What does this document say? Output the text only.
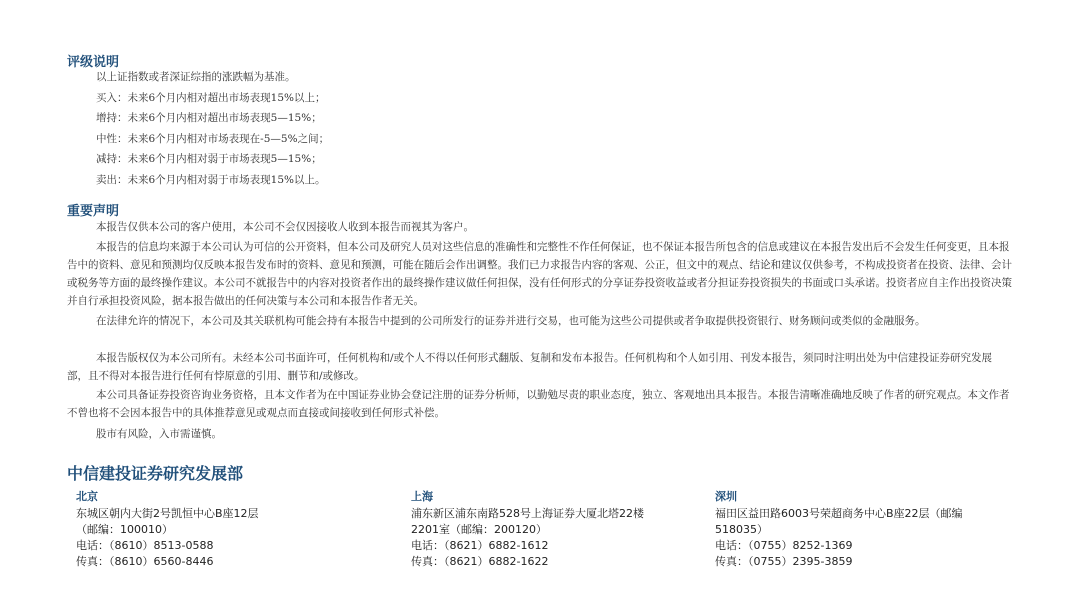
评级说明
以上证指数或者深证综指的涨跌幅为基准。
买入：未来6个月内相对超出市场表现15%以上；
增持：未来6个月内相对超出市场表现5—15%；
中性：未来6个月内相对市场表现在-5—5%之间；
减持：未来6个月内相对弱于市场表现5—15%；
卖出：未来6个月内相对弱于市场表现15%以上。
重要声明
本报告仅供本公司的客户使用，本公司不会仅因接收人收到本报告而视其为客户。
本报告的信息均来源于本公司认为可信的公开资料，但本公司及研究人员对这些信息的准确性和完整性不作任何保证，也不保证本报告所包含的信息或建议在本报告发出后不会发生任何变更，且本报告中的资料、意见和预测均仅反映本报告发布时的资料、意见和预测，可能在随后会作出调整。我们已力求报告内容的客观、公正，但文中的观点、结论和建议仅供参考，不构成投资者在投资、法律、会计或税务等方面的最终操作建议。本公司不就报告中的内容对投资者作出的最终操作建议做任何担保，没有任何形式的分享证券投资收益或者分担证券投资损失的书面或口头承诺。投资者应自主作出投资决策并自行承担投资风险，据本报告做出的任何决策与本公司和本报告作者无关。
在法律允许的情况下，本公司及其关联机构可能会持有本报告中提到的公司所发行的证券并进行交易，也可能为这些公司提供或者争取提供投资银行、财务顾问或类似的金融服务。
本报告版权仅为本公司所有。未经本公司书面许可，任何机构和/或个人不得以任何形式翻版、复制和发布本报告。任何机构和个人如引用、刊发本报告，须同时注明出处为中信建投证券研究发展部，且不得对本报告进行任何有悖原意的引用、删节和/或修改。
本公司具备证券投资咨询业务资格，且本文作者为在中国证券业协会登记注册的证券分析师，以勤勉尽责的职业态度，独立、客观地出具本报告。本报告清晰准确地反映了作者的研究观点。本文作者不曾也将不会因本报告中的具体推荐意见或观点而直接或间接收到任何形式补偿。
股市有风险，入市需谨慎。
中信建投证券研究发展部
北京
东城区朝内大街2号凯恒中心B座12层
（邮编：100010）
电话：（8610）8513-0588
传真：（8610）6560-8446
上海
浦东新区浦东南路528号上海证券大厦北塔22楼
2201室（邮编：200120）
电话：（8621）6882-1612
传真：（8621）6882-1622
深圳
福田区益田路6003号荣超商务中心B座22层（邮编
518035）
电话：（0755）8252-1369
传真：（0755）2395-3859
